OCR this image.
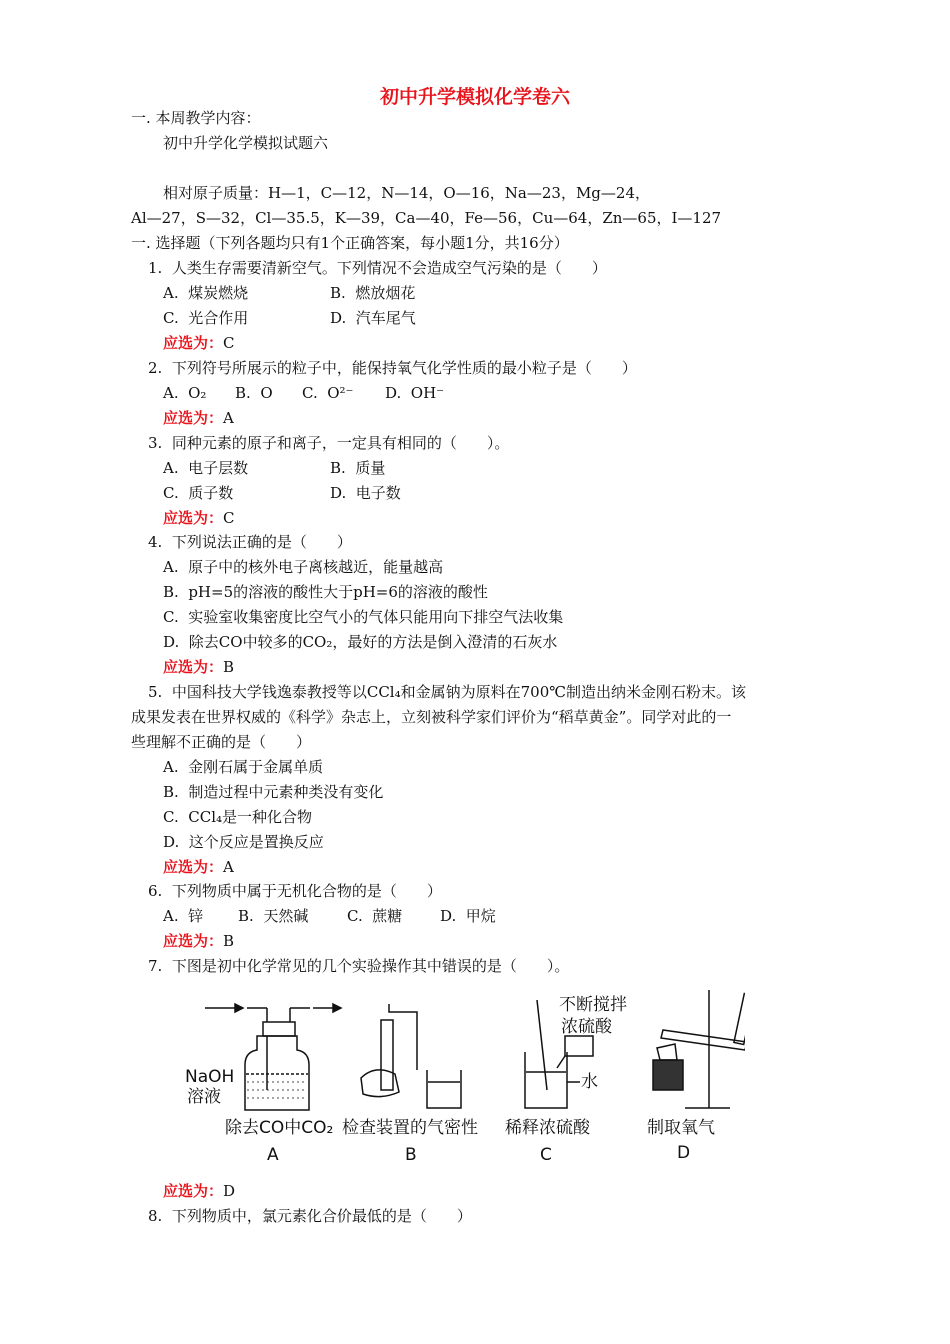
初中升学模拟化学卷六
一. 本周教学内容：
初中升学化学模拟试题六
相对原子质量：H—1，C—12，N—14，O—16，Na—23，Mg—24，
Al—27，S—32，Cl—35.5，K—39，Ca—40，Fe—56，Cu—64，Zn—65，I—127
一. 选择题（下列各题均只有1个正确答案，每小题1分，共16分）
1.  人类生存需要清新空气。下列情况不会造成空气污染的是（　　）
A.  煤炭燃烧	B.  燃放烟花
C.  光合作用	D.  汽车尾气
应选为：C
2.  下列符号所展示的粒子中，能保持氧气化学性质的最小粒子是（　　）
A.  O₂ B.  O C.  O²⁻ D.  OH⁻
应选为：A
3.  同种元素的原子和离子，一定具有相同的（　　）。
A.  电子层数	B.  质量
C.  质子数	D.  电子数
应选为：C
4.  下列说法正确的是（　　）
A.  原子中的核外电子离核越近，能量越高
B.  pH=5的溶液的酸性大于pH=6的溶液的酸性
C.  实验室收集密度比空气小的气体只能用向下排空气法收集
D.  除去CO中较多的CO₂，最好的方法是倒入澄清的石灰水
应选为：B
5.  中国科技大学钱逸泰教授等以CCl₄和金属钠为原料在700℃制造出纳米金刚石粉末。该
成果发表在世界权威的《科学》杂志上，立刻被科学家们评价为“稻草黄金”。同学对此的一
些理解不正确的是（　　）
A.  金刚石属于金属单质
B.  制造过程中元素种类没有变化
C.  CCl₄是一种化合物
D.  这个反应是置换反应
应选为：A
6.  下列物质中属于无机化合物的是（　　）
A.  锌 B.  天然碱	C.  蔗糖	D.  甲烷
应选为：B
7.  下图是初中化学常见的几个实验操作其中错误的是（　　）。
NaOH
溶液
除去CO中CO₂
A
检查装置的气密性
B
不断搅拌
浓硫酸
水
稀释浓硫酸
C
制取氧气
D
应选为：D
8.  下列物质中，氯元素化合价最低的是（　　）
